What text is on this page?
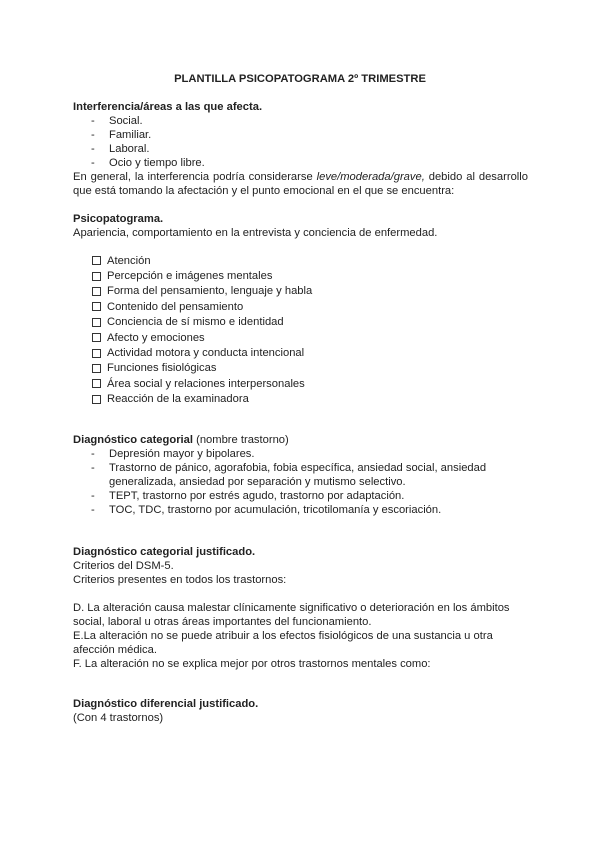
PLANTILLA PSICOPATOGRAMA 2º TRIMESTRE
Interferencia/áreas a las que afecta.
- Social.
- Familiar.
- Laboral.
- Ocio y tiempo libre.
En general, la interferencia podría considerarse leve/moderada/grave, debido al desarrollo que está tomando la afectación y el punto emocional en el que se encuentra:
Psicopatograma.
Apariencia, comportamiento en la entrevista y conciencia de enfermedad.
Atención
Percepción e imágenes mentales
Forma del pensamiento, lenguaje y habla
Contenido del pensamiento
Conciencia de sí mismo e identidad
Afecto y emociones
Actividad motora y conducta intencional
Funciones fisiológicas
Área social y relaciones interpersonales
Reacción de la examinadora
Diagnóstico categorial (nombre trastorno)
- Depresión mayor y bipolares.
- Trastorno de pánico, agorafobia, fobia específica, ansiedad social, ansiedad generalizada, ansiedad por separación y mutismo selectivo.
- TEPT, trastorno por estrés agudo, trastorno por adaptación.
- TOC, TDC, trastorno por acumulación, tricotilomanía y escoriación.
Diagnóstico categorial justificado.
Criterios del DSM-5.
Criterios presentes en todos los trastornos:
D. La alteración causa malestar clínicamente significativo o deterioración en los ámbitos social, laboral u otras áreas importantes del funcionamiento.
E.La alteración no se puede atribuir a los efectos fisiológicos de una sustancia u otra afección médica.
F. La alteración no se explica mejor por otros trastornos mentales como:
Diagnóstico diferencial justificado.
(Con 4 trastornos)
